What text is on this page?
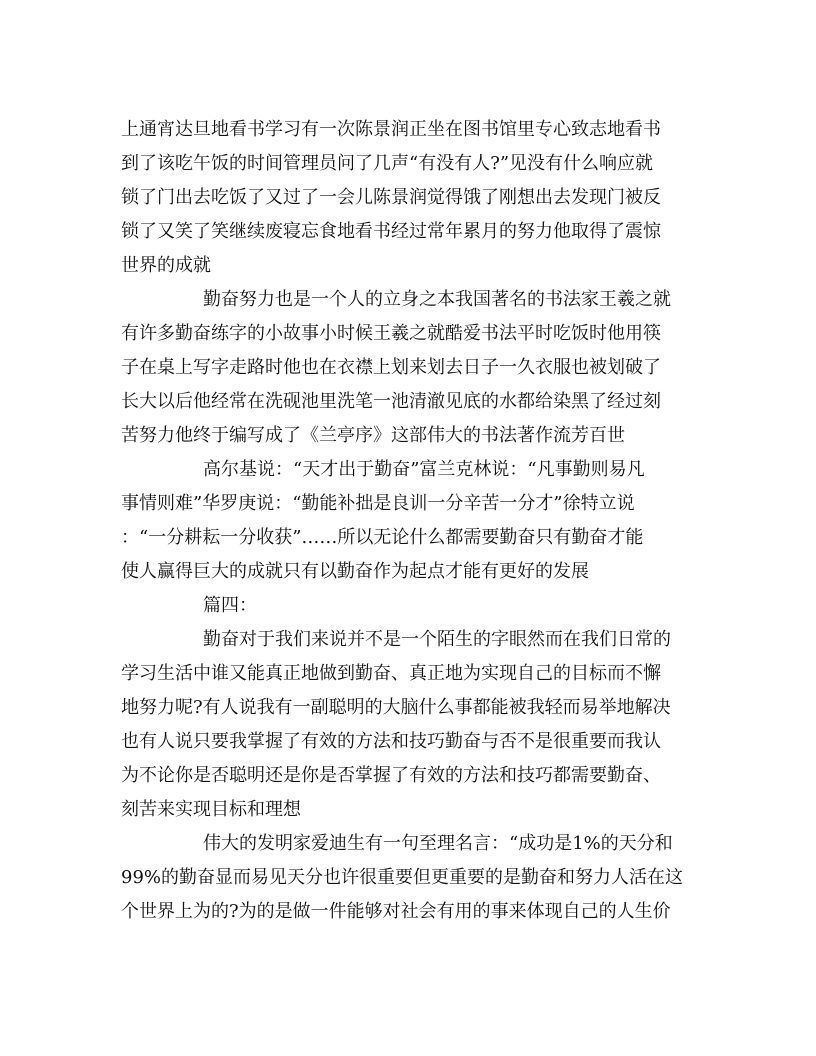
上通宵达旦地看书学习有一次陈景润正坐在图书馆里专心致志地看书
到了该吃午饭的时间管理员问了几声“有没有人?”见没有什么响应就
锁了门出去吃饭了又过了一会儿陈景润觉得饿了刚想出去发现门被反
锁了又笑了笑继续废寝忘食地看书经过常年累月的努力他取得了震惊
世界的成就
勤奋努力也是一个人的立身之本我国著名的书法家王羲之就
有许多勤奋练字的小故事小时候王羲之就酷爱书法平时吃饭时他用筷
子在桌上写字走路时他也在衣襟上划来划去日子一久衣服也被划破了
长大以后他经常在洗砚池里洗笔一池清澈见底的水都给染黑了经过刻
苦努力他终于编写成了《兰亭序》这部伟大的书法著作流芳百世
高尔基说：“天才出于勤奋”富兰克林说：“凡事勤则易凡
事情则难”华罗庚说：“勤能补拙是良训一分辛苦一分才”徐特立说
：“一分耕耘一分收获”……所以无论什么都需要勤奋只有勤奋才能
使人赢得巨大的成就只有以勤奋作为起点才能有更好的发展
篇四：
勤奋对于我们来说并不是一个陌生的字眼然而在我们日常的
学习生活中谁又能真正地做到勤奋、真正地为实现自己的目标而不懈
地努力呢?有人说我有一副聪明的大脑什么事都能被我轻而易举地解决
也有人说只要我掌握了有效的方法和技巧勤奋与否不是很重要而我认
为不论你是否聪明还是你是否掌握了有效的方法和技巧都需要勤奋、
刻苦来实现目标和理想
伟大的发明家爱迪生有一句至理名言：“成功是1%的天分和
99%的勤奋显而易见天分也许很重要但更重要的是勤奋和努力人活在这
个世界上为的?为的是做一件能够对社会有用的事来体现自己的人生价
